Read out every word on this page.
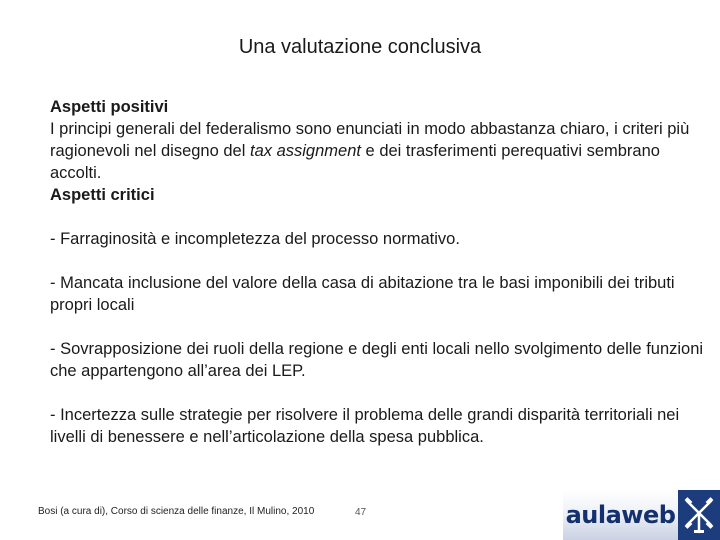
Una valutazione conclusiva

Aspetti positivi

I principi generali del federalismo sono enunciati in modo abbastanza chiaro, i criteri più ragionevoli nel disegno del tax assignment e dei trasferimenti perequativi sembrano accolti.

Aspetti critici

- Farraginosità e incompletezza del processo normativo.

- Mancata inclusione del valore della casa di abitazione tra le basi imponibili dei tributi propri locali

- Sovrapposizione dei ruoli della regione e degli enti locali nello svolgimento delle funzioni che appartengono all’area dei LEP.

- Incertezza sulle strategie per risolvere il problema delle grandi disparità territoriali nei livelli di benessere e nell’articolazione della spesa pubblica.

Bosi (a cura di), Corso di scienza delle finanze, Il Mulino, 2010	47	aulaweb
